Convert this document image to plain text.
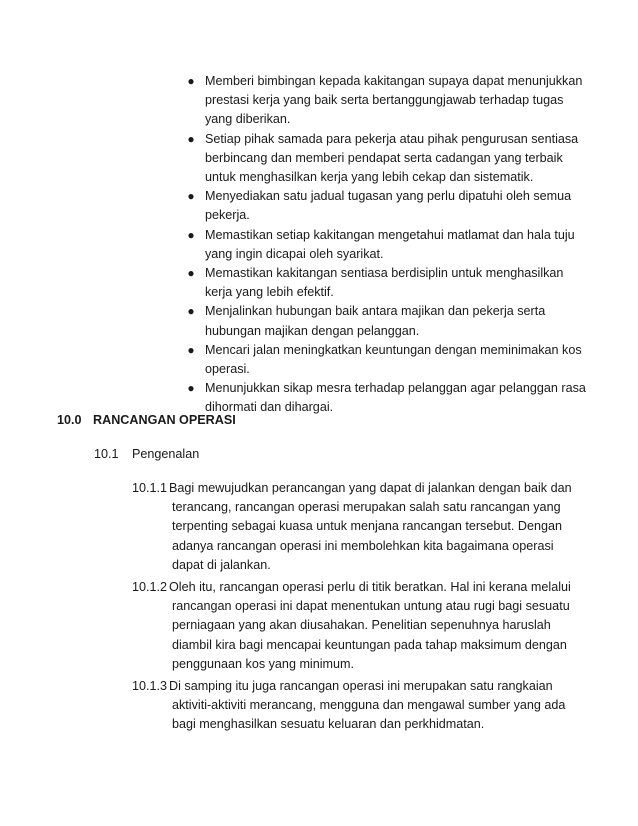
● Memberi bimbingan kepada kakitangan supaya dapat menunjukkan prestasi kerja yang baik serta bertanggungjawab terhadap tugas yang diberikan.
● Setiap pihak samada para pekerja atau pihak pengurusan sentiasa berbincang dan memberi pendapat serta cadangan yang terbaik untuk menghasilkan kerja yang lebih cekap dan sistematik.
● Menyediakan satu jadual tugasan yang perlu dipatuhi oleh semua pekerja.
● Memastikan setiap kakitangan mengetahui matlamat dan hala tuju yang ingin dicapai oleh syarikat.
● Memastikan kakitangan sentiasa berdisiplin untuk menghasilkan kerja yang lebih efektif.
● Menjalinkan hubungan baik antara majikan dan pekerja serta hubungan majikan dengan pelanggan.
● Mencari jalan meningkatkan keuntungan dengan meminimakan kos operasi.
● Menunjukkan sikap mesra terhadap pelanggan agar pelanggan rasa dihormati dan dihargai.
10.0 RANCANGAN OPERASI
10.1 Pengenalan
10.1.1 Bagi mewujudkan perancangan yang dapat di jalankan dengan baik dan terancang, rancangan operasi merupakan salah satu rancangan yang terpenting sebagai kuasa untuk menjana rancangan tersebut. Dengan adanya rancangan operasi ini membolehkan kita bagaimana operasi dapat di jalankan.
10.1.2 Oleh itu, rancangan operasi perlu di titik beratkan. Hal ini kerana melalui rancangan operasi ini dapat menentukan untung atau rugi bagi sesuatu perniagaan yang akan diusahakan. Penelitian sepenuhnya haruslah diambil kira bagi mencapai keuntungan pada tahap maksimum dengan penggunaan kos yang minimum.
10.1.3 Di samping itu juga rancangan operasi ini merupakan satu rangkaian aktiviti-aktiviti merancang, mengguna dan mengawal sumber yang ada bagi menghasilkan sesuatu keluaran dan perkhidmatan.
